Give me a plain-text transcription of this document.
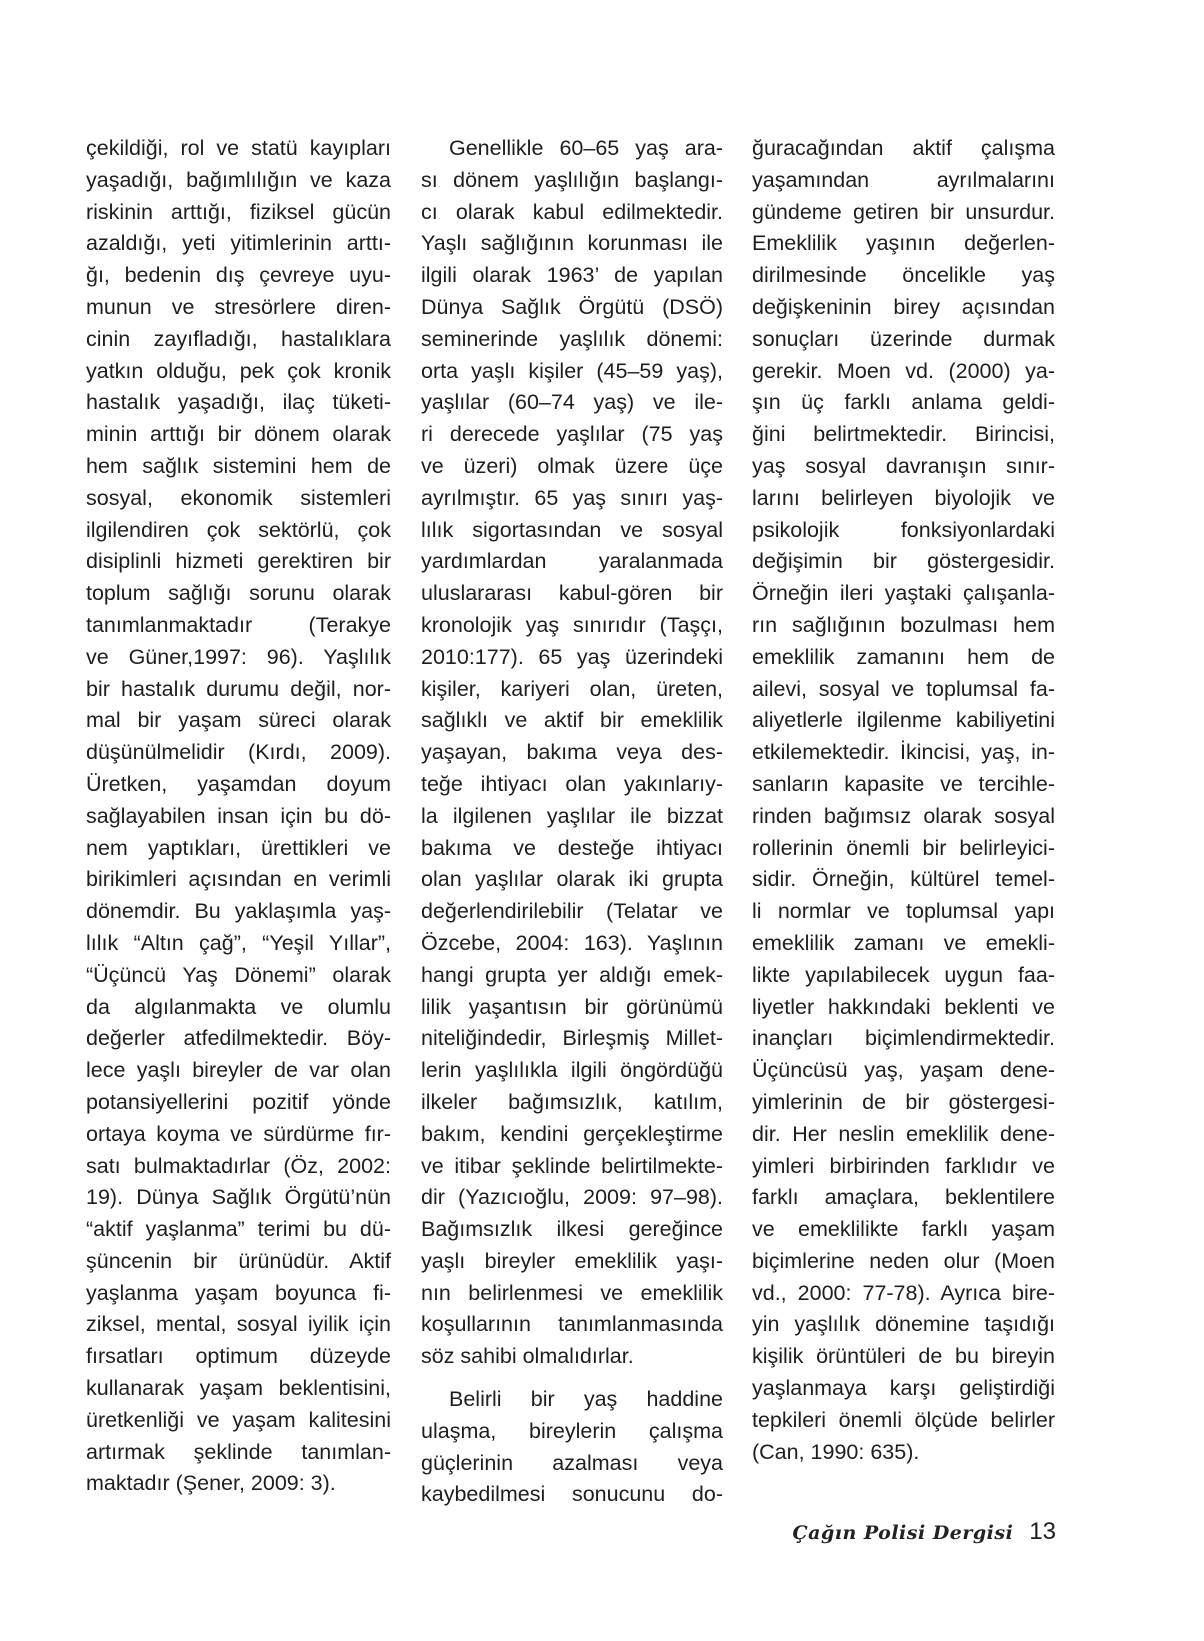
çekildiği, rol ve statü kayıpları
yaşadığı, bağımlılığın ve kaza
riskinin arttığı, fiziksel gücün
azaldığı, yeti yitimlerinin arttı-
ğı, bedenin dış çevreye uyu-
munun ve stresörlere diren-
cinin zayıfladığı, hastalıklara
yatkın olduğu, pek çok kronik
hastalık yaşadığı, ilaç tüketi-
minin arttığı bir dönem olarak
hem sağlık sistemini hem de
sosyal, ekonomik sistemleri
ilgilendiren çok sektörlü, çok
disiplinli hizmeti gerektiren bir
toplum sağlığı sorunu olarak
tanımlanmaktadır (Terakye
ve Güner,1997: 96). Yaşlılık
bir hastalık durumu değil, nor-
mal bir yaşam süreci olarak
düşünülmelidir (Kırdı, 2009).
Üretken, yaşamdan doyum
sağlayabilen insan için bu dö-
nem yaptıkları, ürettikleri ve
birikimleri açısından en verimli
dönemdir. Bu yaklaşımla yaş-
lılık “Altın çağ”, “Yeşil Yıllar”,
“Üçüncü Yaş Dönemi” olarak
da algılanmakta ve olumlu
değerler atfedilmektedir. Böy-
lece yaşlı bireyler de var olan
potansiyellerini pozitif yönde
ortaya koyma ve sürdürme fır-
satı bulmaktadırlar (Öz, 2002:
19). Dünya Sağlık Örgütü’nün
“aktif yaşlanma” terimi bu dü-
şüncenin bir ürünüdür. Aktif
yaşlanma yaşam boyunca fi-
ziksel, mental, sosyal iyilik için
fırsatları optimum düzeyde
kullanarak yaşam beklentisini,
üretkenliği ve yaşam kalitesini
artırmak şeklinde tanımlan-
maktadır (Şener, 2009: 3).
Genellikle 60–65 yaş ara-
sı dönem yaşlılığın başlangı-
cı olarak kabul edilmektedir.
Yaşlı sağlığının korunması ile
ilgili olarak 1963’ de yapılan
Dünya Sağlık Örgütü (DSÖ)
seminerinde yaşlılık dönemi:
orta yaşlı kişiler (45–59 yaş),
yaşlılar (60–74 yaş) ve ile-
ri derecede yaşlılar (75 yaş
ve üzeri) olmak üzere üçe
ayrılmıştır. 65 yaş sınırı yaş-
lılık sigortasından ve sosyal
yardımlardan yaralanmada
uluslararası kabul-gören bir
kronolojik yaş sınırıdır (Taşçı,
2010:177). 65 yaş üzerindeki
kişiler, kariyeri olan, üreten,
sağlıklı ve aktif bir emeklilik
yaşayan, bakıma veya des-
teğe ihtiyacı olan yakınlarıy-
la ilgilenen yaşlılar ile bizzat
bakıma ve desteğe ihtiyacı
olan yaşlılar olarak iki grupta
değerlendirilebilir (Telatar ve
Özcebe, 2004: 163). Yaşlının
hangi grupta yer aldığı emek-
lilik yaşantısın bir görünümü
niteliğindedir, Birleşmiş Millet-
lerin yaşlılıkla ilgili öngördüğü
ilkeler bağımsızlık, katılım,
bakım, kendini gerçekleştirme
ve itibar şeklinde belirtilmekte-
dir (Yazıcıoğlu, 2009: 97–98).
Bağımsızlık ilkesi gereğince
yaşlı bireyler emeklilik yaşı-
nın belirlenmesi ve emeklilik
koşullarının tanımlanmasında
söz sahibi olmalıdırlar.
Belirli bir yaş haddine
ulaşma, bireylerin çalışma
güçlerinin azalması veya
kaybedilmesi sonucunu do-
ğuracağından aktif çalışma
yaşamından ayrılmalarını
gündeme getiren bir unsurdur.
Emeklilik yaşının değerlen-
dirilmesinde öncelikle yaş
değişkeninin birey açısından
sonuçları üzerinde durmak
gerekir. Moen vd. (2000) ya-
şın üç farklı anlama geldi-
ğini belirtmektedir. Birincisi,
yaş sosyal davranışın sınır-
larını belirleyen biyolojik ve
psikolojik fonksiyonlardaki
değişimin bir göstergesidir.
Örneğin ileri yaştaki çalışanla-
rın sağlığının bozulması hem
emeklilik zamanını hem de
ailevi, sosyal ve toplumsal fa-
aliyetlerle ilgilenme kabiliyetini
etkilemektedir. İkincisi, yaş, in-
sanların kapasite ve tercihle-
rinden bağımsız olarak sosyal
rollerinin önemli bir belirleyici-
sidir. Örneğin, kültürel temel-
li normlar ve toplumsal yapı
emeklilik zamanı ve emekli-
likte yapılabilecek uygun faa-
liyetler hakkındaki beklenti ve
inançları biçimlendirmektedir.
Üçüncüsü yaş, yaşam dene-
yimlerinin de bir göstergesi-
dir. Her neslin emeklilik dene-
yimleri birbirinden farklıdır ve
farklı amaçlara, beklentilere
ve emeklilikte farklı yaşam
biçimlerine neden olur (Moen
vd., 2000: 77-78). Ayrıca bire-
yin yaşlılık dönemine taşıdığı
kişilik örüntüleri de bu bireyin
yaşlanmaya karşı geliştirdiği
tepkileri önemli ölçüde belirler
(Can, 1990: 635).
Çağın Polisi Dergisi 13
